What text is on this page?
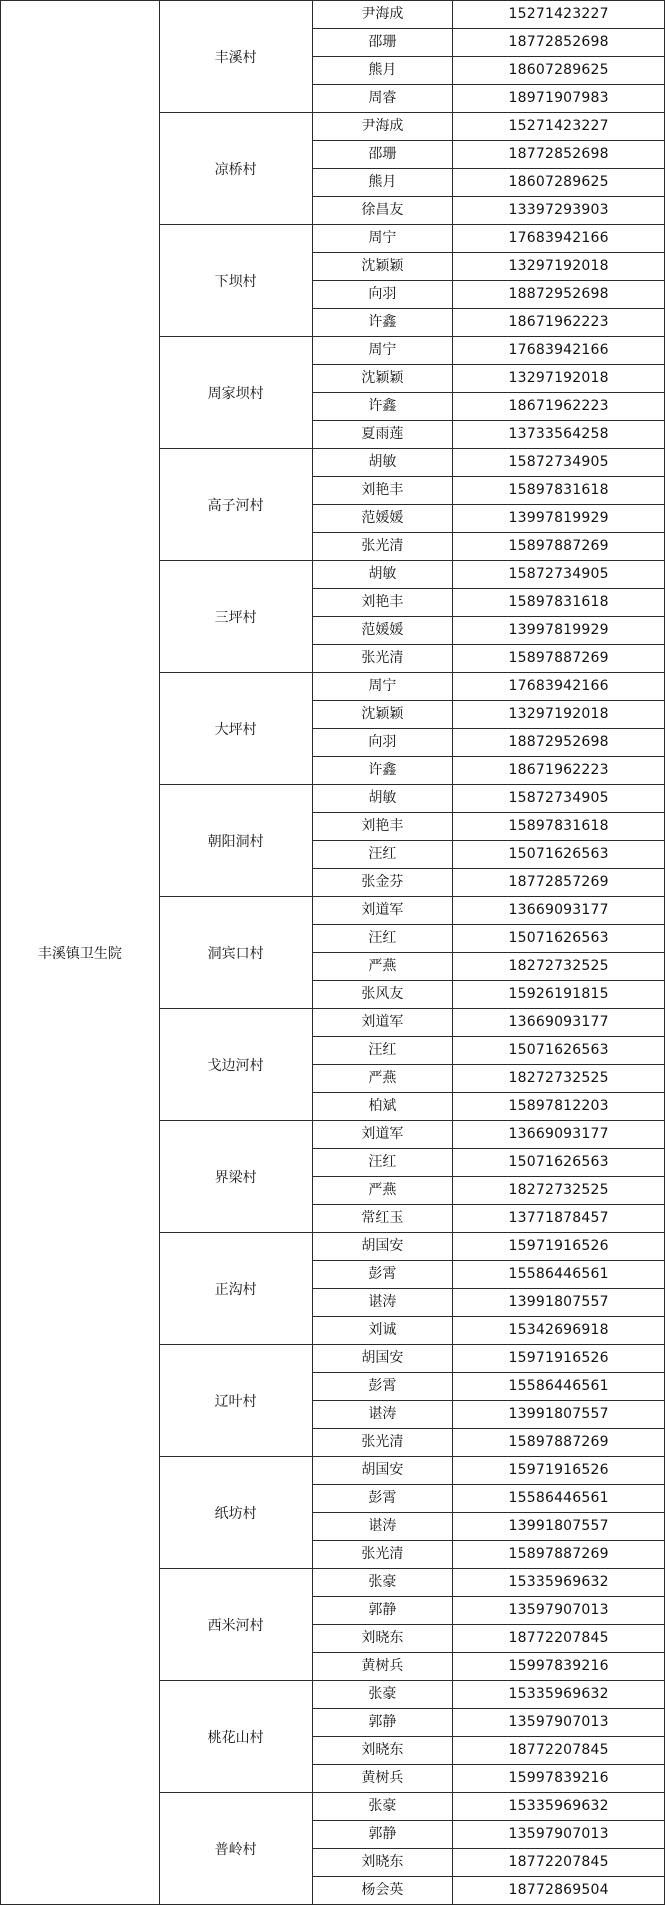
丰溪镇卫生院	丰溪村	尹海成	15271423227
		邵珊	18772852698
		熊月	18607289625
		周睿	18971907983
	凉桥村	尹海成	15271423227
		邵珊	18772852698
		熊月	18607289625
		徐昌友	13397293903
	下坝村	周宁	17683942166
		沈颖颖	13297192018
		向羽	18872952698
		许鑫	18671962223
	周家坝村	周宁	17683942166
		沈颖颖	13297192018
		许鑫	18671962223
		夏雨莲	13733564258
	高子河村	胡敏	15872734905
		刘艳丰	15897831618
		范媛媛	13997819929
		张光清	15897887269
	三坪村	胡敏	15872734905
		刘艳丰	15897831618
		范媛媛	13997819929
		张光清	15897887269
	大坪村	周宁	17683942166
		沈颖颖	13297192018
		向羽	18872952698
		许鑫	18671962223
	朝阳洞村	胡敏	15872734905
		刘艳丰	15897831618
		汪红	15071626563
		张金芬	18772857269
	洞宾口村	刘道军	13669093177
		汪红	15071626563
		严燕	18272732525
		张风友	15926191815
	戈边河村	刘道军	13669093177
		汪红	15071626563
		严燕	18272732525
		柏斌	15897812203
	界梁村	刘道军	13669093177
		汪红	15071626563
		严燕	18272732525
		常红玉	13771878457
	正沟村	胡国安	15971916526
		彭霄	15586446561
		谌涛	13991807557
		刘诚	15342696918
	辽叶村	胡国安	15971916526
		彭霄	15586446561
		谌涛	13991807557
		张光清	15897887269
	纸坊村	胡国安	15971916526
		彭霄	15586446561
		谌涛	13991807557
		张光清	15897887269
	西米河村	张豪	15335969632
		郭静	13597907013
		刘晓东	18772207845
		黄树兵	15997839216
	桃花山村	张豪	15335969632
		郭静	13597907013
		刘晓东	18772207845
		黄树兵	15997839216
	普岭村	张豪	15335969632
		郭静	13597907013
		刘晓东	18772207845
		杨会英	18772869504
